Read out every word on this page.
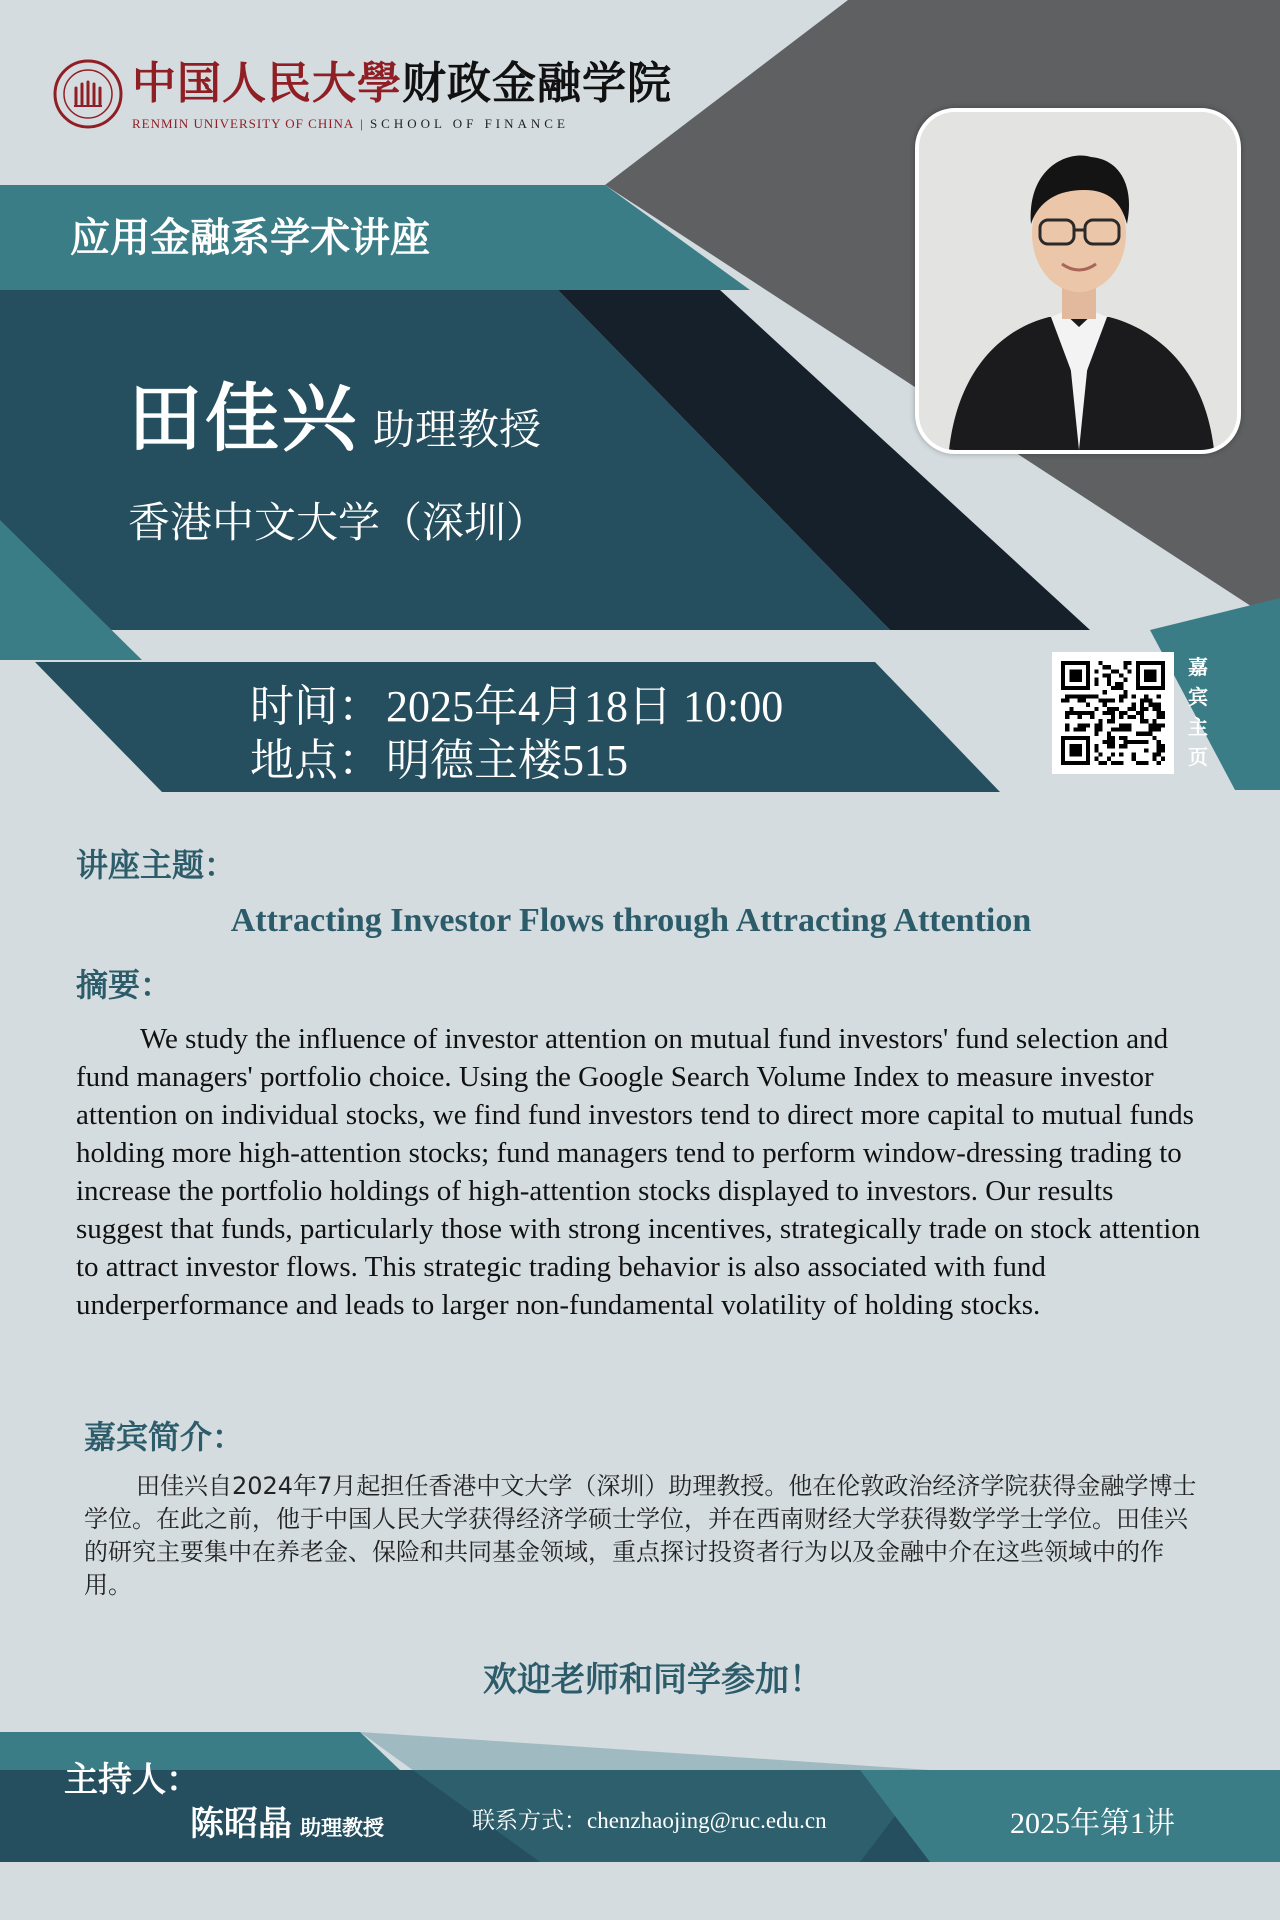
中国人民大學财政金融学院
RENMIN UNIVERSITY OF CHINA | SCHOOL OF FINANCE
应用金融系学术讲座
田佳兴 助理教授
香港中文大学（深圳）
时间：2025年4月18日 10:00
地点：明德主楼515
嘉宾主页
讲座主题：
Attracting Investor Flows through Attracting Attention
摘要：

We study the influence of investor attention on mutual fund investors' fund selection and fund managers' portfolio choice. Using the Google Search Volume Index to measure investor attention on individual stocks, we find fund investors tend to direct more capital to mutual funds holding more high-attention stocks; fund managers tend to perform window-dressing trading to increase the portfolio holdings of high-attention stocks displayed to investors. Our results suggest that funds, particularly those with strong incentives, strategically trade on stock attention to attract investor flows. This strategic trading behavior is also associated with fund underperformance and leads to larger non-fundamental volatility of holding stocks.

嘉宾简介：

田佳兴自2024年7月起担任香港中文大学（深圳）助理教授。他在伦敦政治经济学院获得金融学博士学位。在此之前，他于中国人民大学获得经济学硕士学位，并在西南财经大学获得数学学士学位。田佳兴的研究主要集中在养老金、保险和共同基金领域，重点探讨投资者行为以及金融中介在这些领域中的作用。

欢迎老师和同学参加！
主持人：
陈昭晶 助理教授	联系方式：chenzhaojing@ruc.edu.cn	2025年第1讲
